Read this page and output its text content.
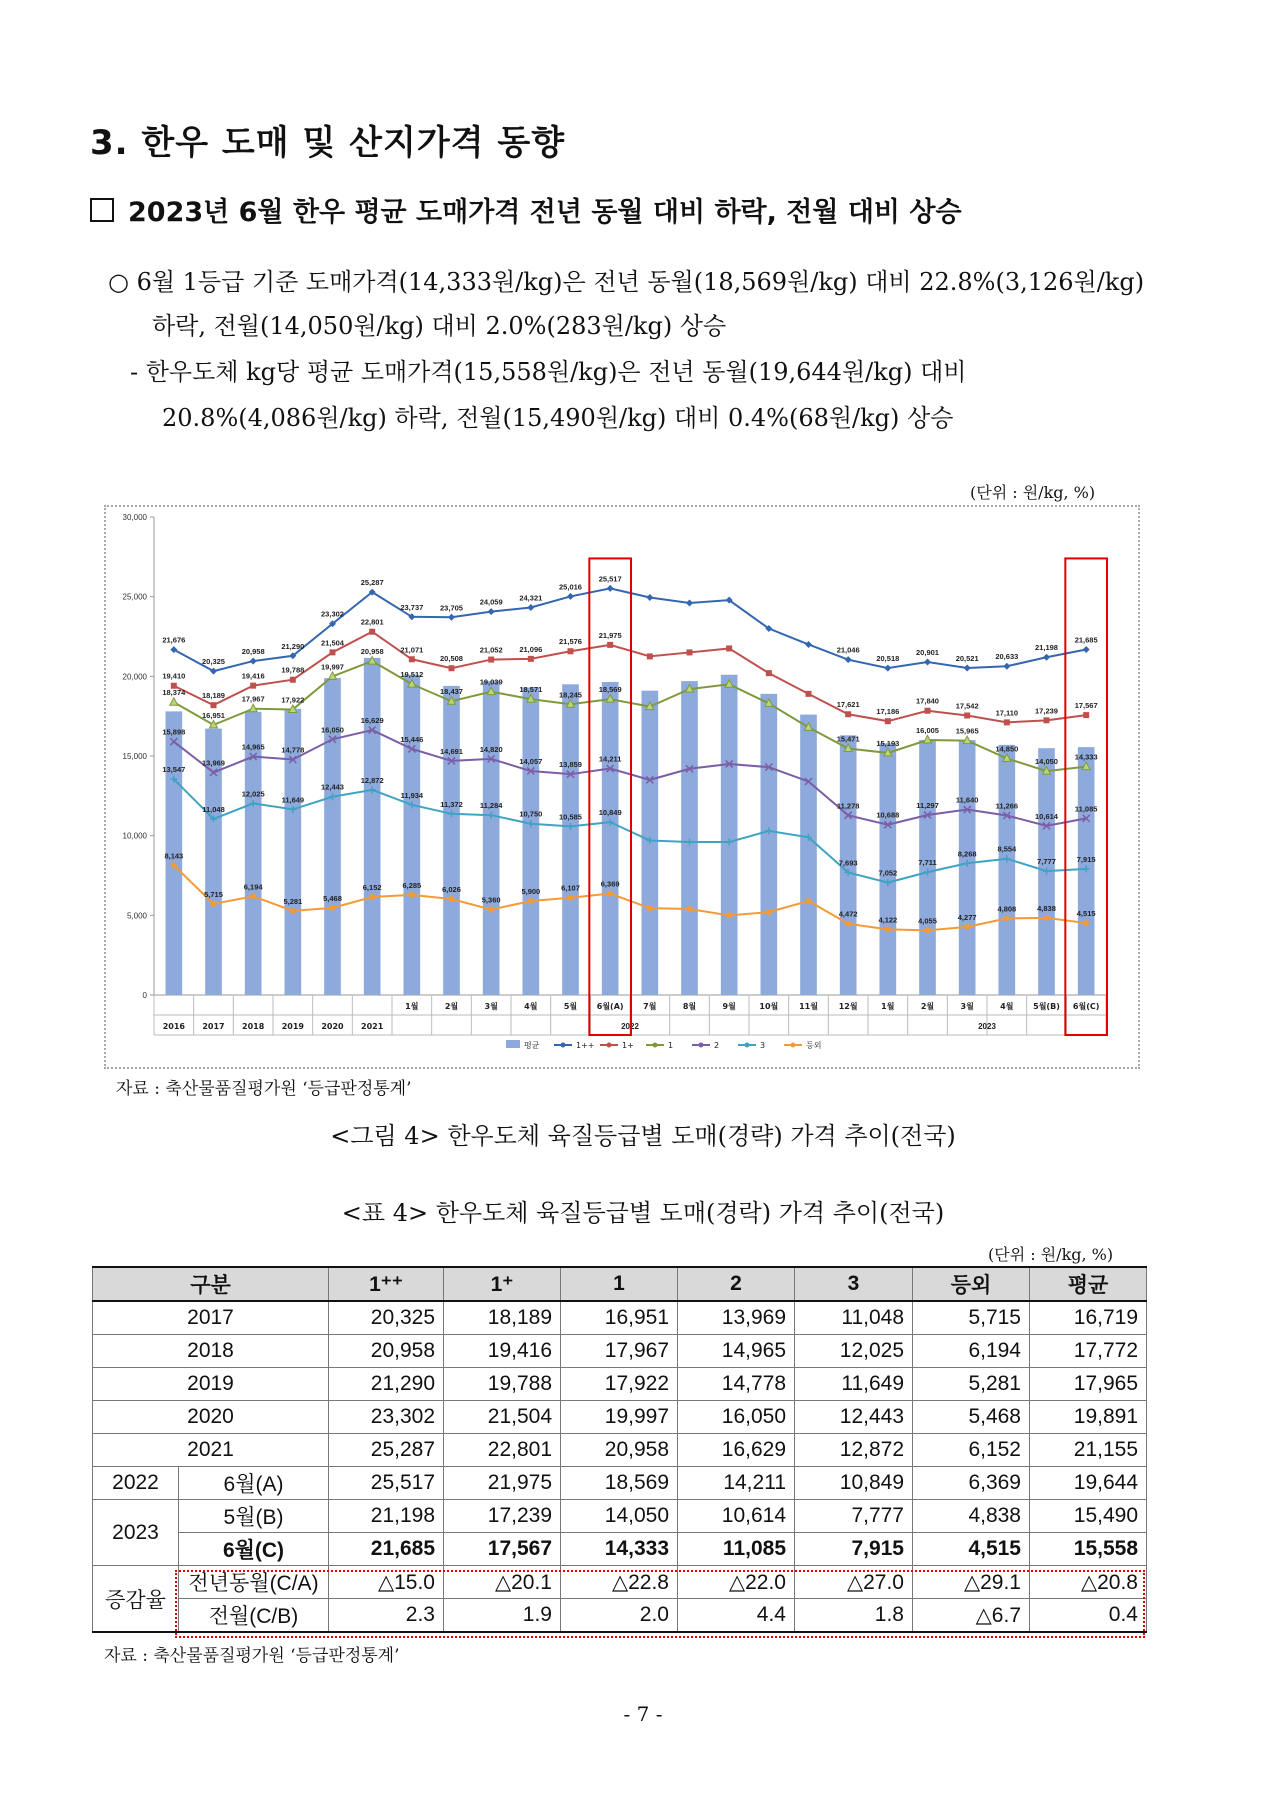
3. 한우 도매 및 산지가격 동향
2023년 6월 한우 평균 도매가격 전년 동월 대비 하락, 전월 대비 상승
○ 6월 1등급 기준 도매가격(14,333원/kg)은 전년 동월(18,569원/kg) 대비 22.8%(3,126원/kg)
하락, 전월(14,050원/kg) 대비 2.0%(283원/kg) 상승
- 한우도체 kg당 평균 도매가격(15,558원/kg)은 전년 동월(19,644원/kg) 대비
20.8%(4,086원/kg) 하락, 전월(15,490원/kg) 대비 0.4%(68원/kg) 상승
(단위 : 원/kg, %)
0
5,000
10,000
15,000
20,000
25,000
30,000
2016 2017 2018 2019 2020 2021
1월	2월	3월	4월	5월 6월(A) 7월	8월	9월	10월	11월	12월	1월	2월	3월	4월 5월(B) 6월(C)
2022	2023
21,676
20,325
20,958
21,290
23,302
25,287
23,737 23,705
24,059 24,321
25,016
25,517
21,046
20,518
20,901
20,521 20,633
21,198
21,685
19,410
18,189
19,416
19,788
21,504
22,801
21,071
20,508
21,052 21,096
21,576
21,975
17,621
17,186
17,840
17,542
17,110 17,239
17,567
18,374
16,951
17,967 17,922
19,997
20,958
19,512
18,437
19,039
18,571
18,245
18,569
15,471 15,193
16,005 15,965
14,850
14,050
14,333
15,898
13,969
14,965 14,778
16,050
16,629
15,446
14,691 14,820
14,057 13,859
14,211
11,278
10,688
11,297
11,640
11,266
10,614
11,085
13,547
11,048
12,025
11,649
12,443
12,872
11,934
11,372 11,284
10,750 10,585 10,849
7,693
7,052
7,711
8,268
8,554
7,777	7,915
8,143
5,715
6,194
5,281	5,468
6,152	6,285	6,026
5,360
5,900	6,107	6,369
4,472
4,122	4,055	4,277
4,808	4,838
4,515
평균	1++	1+	1	2	3	등외
자료 : 축산물품질평가원 ‘등급판정통계’
<그림 4> 한우도체 육질등급별 도매(경략) 가격 추이(전국)
<표 4> 한우도체 육질등급별 도매(경락) 가격 추이(전국)
(단위 : 원/kg, %)
구분		1⁺⁺	1⁺	1	2	3	등외	평균
2017		20,325	18,189	16,951	13,969	11,048	5,715	16,719
2018		20,958	19,416	17,967	14,965	12,025	6,194	17,772
2019		21,290	19,788	17,922	14,778	11,649	5,281	17,965
2020		23,302	21,504	19,997	16,050	12,443	5,468	19,891
2021		25,287	22,801	20,958	16,629	12,872	6,152	21,155
2022	6월(A)	25,517	21,975	18,569	14,211	10,849	6,369	19,644
2023	5월(B)	21,198	17,239	14,050	10,614	7,777	4,838	15,490
	6월(C)	21,685	17,567	14,333	11,085	7,915	4,515	15,558
증감율	전년동월(C/A)	△15.0	△20.1	△22.8	△22.0	△27.0	△29.1	△20.8
	전월(C/B)	2.3	1.9	2.0	4.4	1.8	△6.7	0.4
자료 : 축산물품질평가원 ‘등급판정통계’
- 7 -
